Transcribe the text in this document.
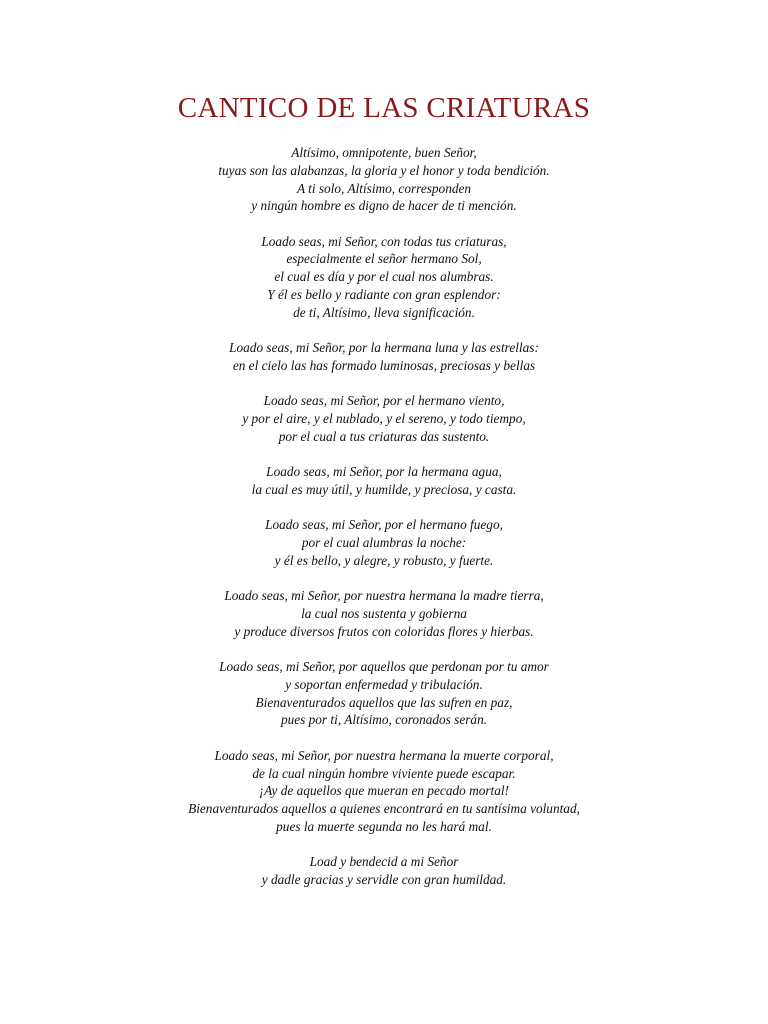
CANTICO DE LAS CRIATURAS
Altísimo, omnipotente, buen Señor,
tuyas son las alabanzas, la gloria y el honor y toda bendición.
A ti solo, Altísimo, corresponden
y ningún hombre es digno de hacer de ti mención.
Loado seas, mi Señor, con todas tus criaturas,
especialmente el señor hermano Sol,
el cual es día y por el cual nos alumbras.
Y él es bello y radiante con gran esplendor:
de ti, Altísimo, lleva significación.
Loado seas, mi Señor, por la hermana luna y las estrellas:
en el cielo las has formado luminosas, preciosas y bellas
Loado seas, mi Señor, por el hermano viento,
y por el aire, y el nublado, y el sereno, y todo tiempo,
por el cual a tus criaturas das sustento.
Loado seas, mi Señor, por la hermana agua,
la cual es muy útil, y humilde, y preciosa, y casta.
Loado seas, mi Señor, por el hermano fuego,
por el cual alumbras la noche:
y él es bello, y alegre, y robusto, y fuerte.
Loado seas, mi Señor, por nuestra hermana la madre tierra,
la cual nos sustenta y gobierna
y produce diversos frutos con coloridas flores y hierbas.
Loado seas, mi Señor, por aquellos que perdonan por tu amor
y soportan enfermedad y tribulación.
Bienaventurados aquellos que las sufren en paz,
pues por ti, Altísimo, coronados serán.
Loado seas, mi Señor, por nuestra hermana la muerte corporal,
de la cual ningún hombre viviente puede escapar.
¡Ay de aquellos que mueran en pecado mortal!
Bienaventurados aquellos a quienes encontrará en tu santísima voluntad,
pues la muerte segunda no les hará mal.
Load y bendecid a mi Señor
y dadle gracias y servidle con gran humildad.
